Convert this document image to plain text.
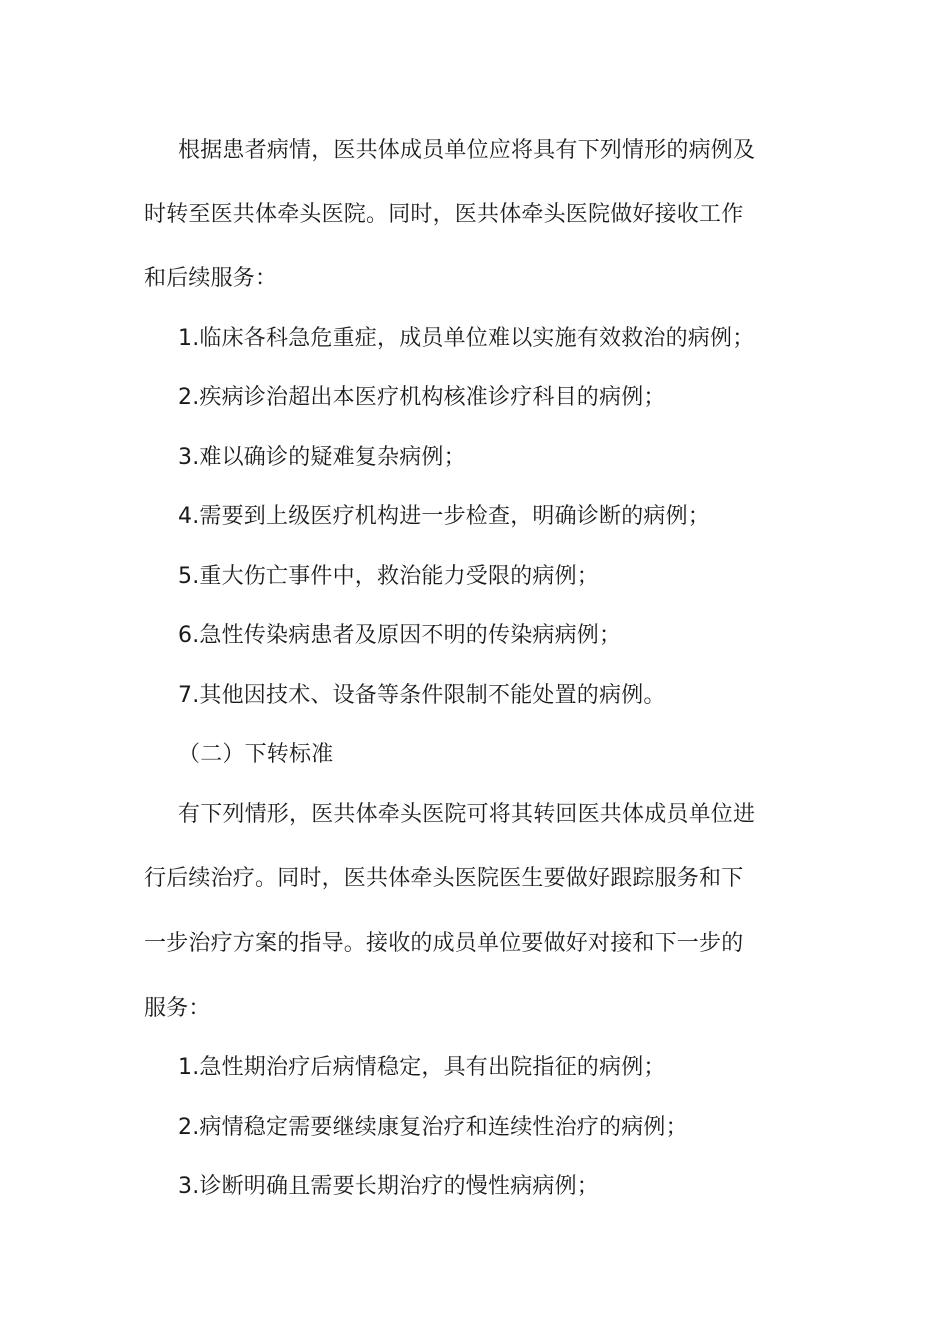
根据患者病情，医共体成员单位应将具有下列情形的病例及
时转至医共体牵头医院。同时，医共体牵头医院做好接收工作
和后续服务：
1.临床各科急危重症，成员单位难以实施有效救治的病例；
2.疾病诊治超出本医疗机构核准诊疗科目的病例；
3.难以确诊的疑难复杂病例；
4.需要到上级医疗机构进一步检查，明确诊断的病例；
5.重大伤亡事件中，救治能力受限的病例；
6.急性传染病患者及原因不明的传染病病例；
7.其他因技术、设备等条件限制不能处置的病例。
（二）下转标准
有下列情形，医共体牵头医院可将其转回医共体成员单位进
行后续治疗。同时，医共体牵头医院医生要做好跟踪服务和下
一步治疗方案的指导。接收的成员单位要做好对接和下一步的
服务：
1.急性期治疗后病情稳定，具有出院指征的病例；
2.病情稳定需要继续康复治疗和连续性治疗的病例；
3.诊断明确且需要长期治疗的慢性病病例；
